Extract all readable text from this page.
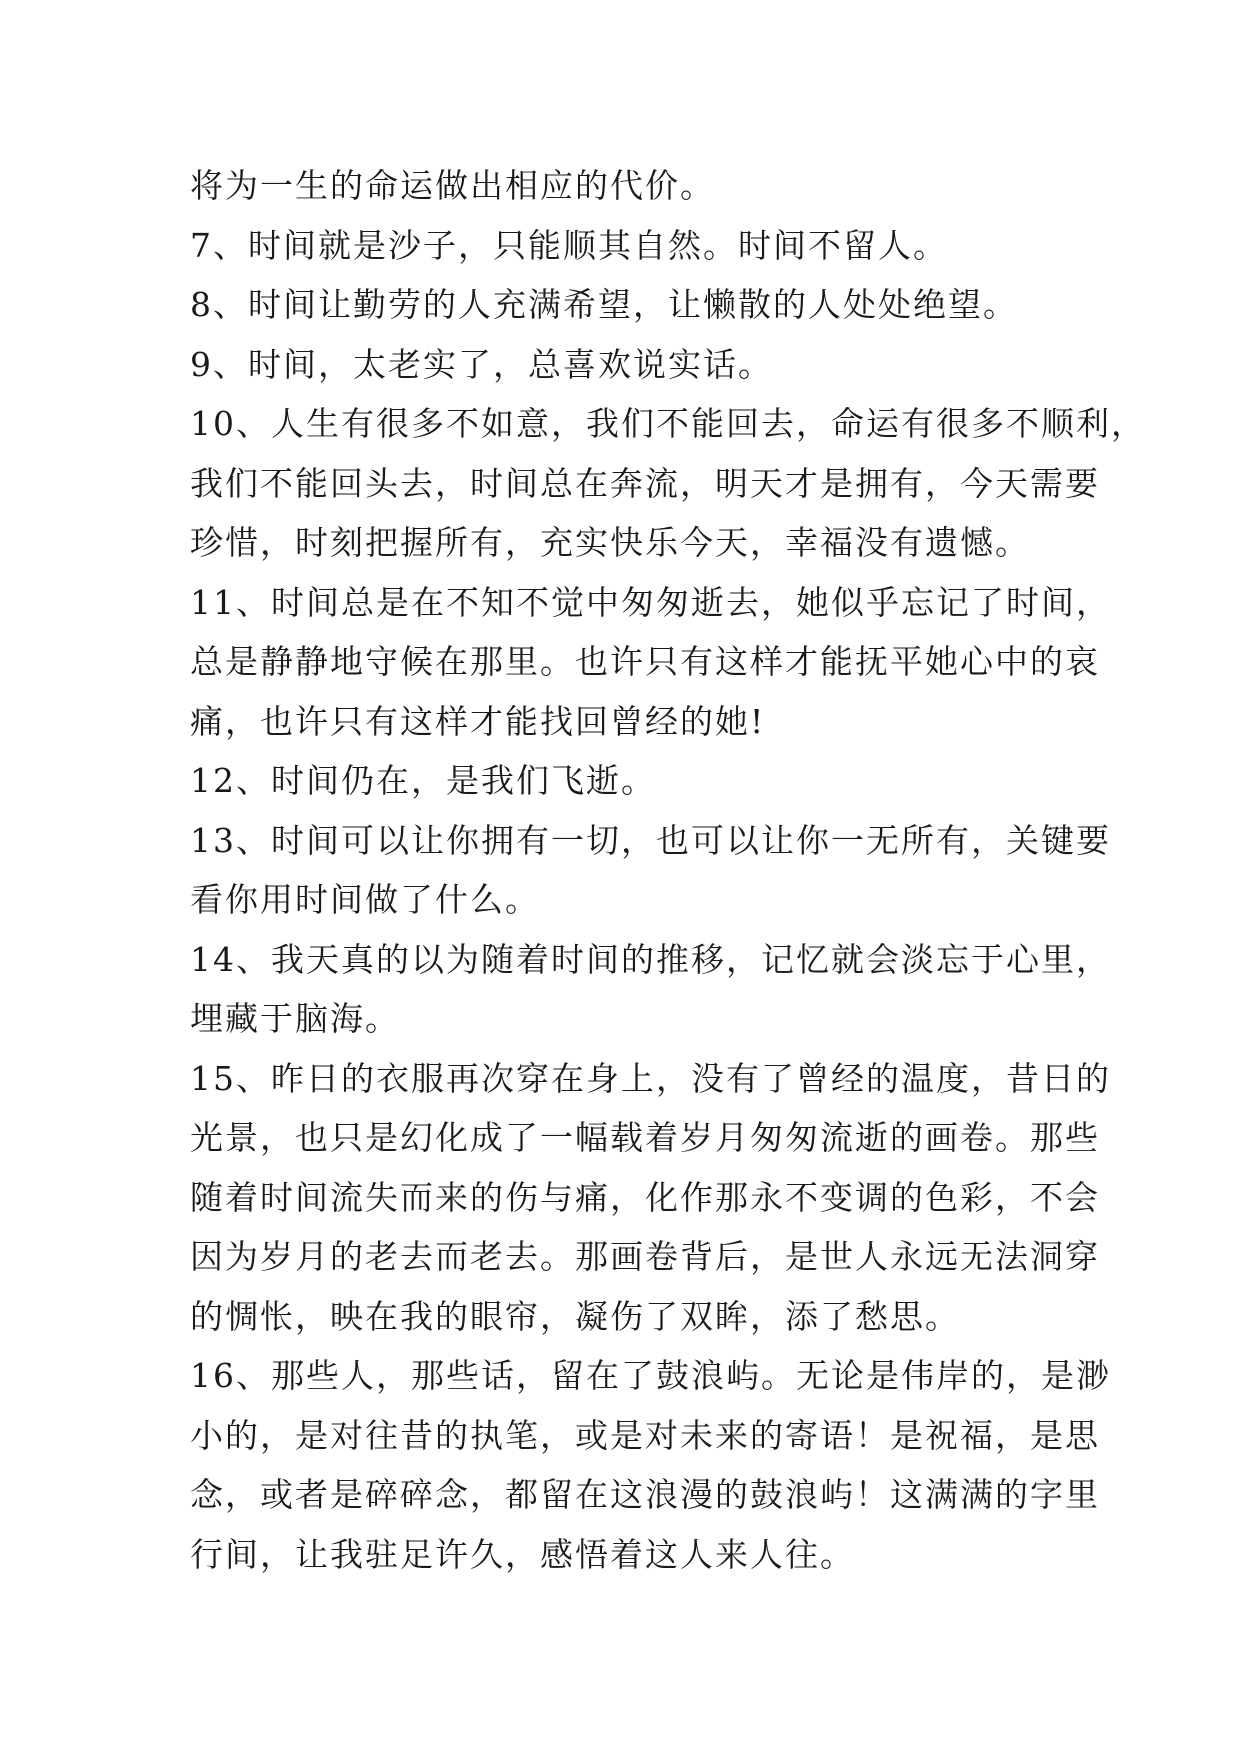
将为一生的命运做出相应的代价。
7、时间就是沙子，只能顺其自然。时间不留人。
8、时间让勤劳的人充满希望，让懒散的人处处绝望。
9、时间，太老实了，总喜欢说实话。
10、人生有很多不如意，我们不能回去，命运有很多不顺利，
我们不能回头去，时间总在奔流，明天才是拥有，今天需要
珍惜，时刻把握所有，充实快乐今天，幸福没有遗憾。
11、时间总是在不知不觉中匆匆逝去，她似乎忘记了时间，
总是静静地守候在那里。也许只有这样才能抚平她心中的哀
痛，也许只有这样才能找回曾经的她!
12、时间仍在，是我们飞逝。
13、时间可以让你拥有一切，也可以让你一无所有，关键要
看你用时间做了什么。
14、我天真的以为随着时间的推移，记忆就会淡忘于心里，
埋藏于脑海。
15、昨日的衣服再次穿在身上，没有了曾经的温度，昔日的
光景，也只是幻化成了一幅载着岁月匆匆流逝的画卷。那些
随着时间流失而来的伤与痛，化作那永不变调的色彩，不会
因为岁月的老去而老去。那画卷背后，是世人永远无法洞穿
的惆怅，映在我的眼帘，凝伤了双眸，添了愁思。
16、那些人，那些话，留在了鼓浪屿。无论是伟岸的，是渺
小的，是对往昔的执笔，或是对未来的寄语！是祝福，是思
念，或者是碎碎念，都留在这浪漫的鼓浪屿！这满满的字里
行间，让我驻足许久，感悟着这人来人往。
